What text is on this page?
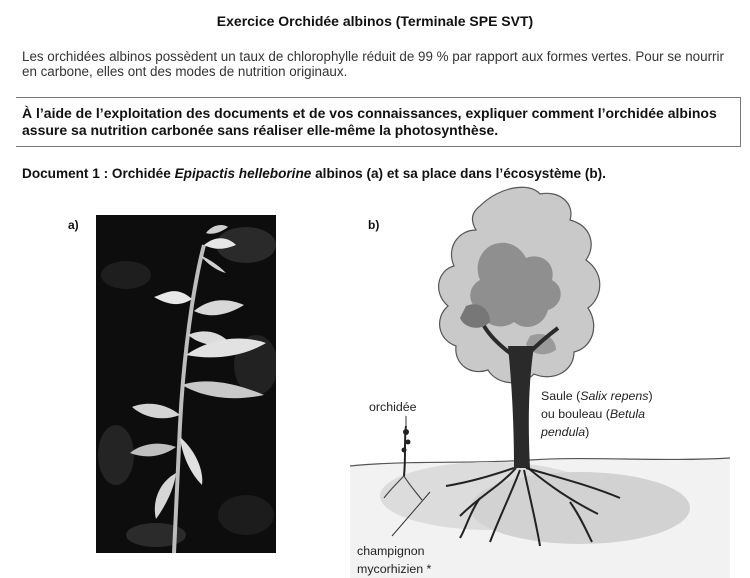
Exercice Orchidée albinos (Terminale SPE SVT)
Les orchidées albinos possèdent un taux de chlorophylle réduit de 99 % par rapport aux formes vertes. Pour se nourrir en carbone, elles ont des modes de nutrition originaux.
À l’aide de l’exploitation des documents et de vos connaissances, expliquer comment l’orchidée albinos assure sa nutrition carbonée sans réaliser elle-même la photosynthèse.
Document 1 : Orchidée Epipactis helleborine albinos (a) et sa place dans l’écosystème (b).
a)	b)
orchidée
Saule (Salix repens)
ou bouleau (Betula
pendula)
champignon
mycorhizien *
